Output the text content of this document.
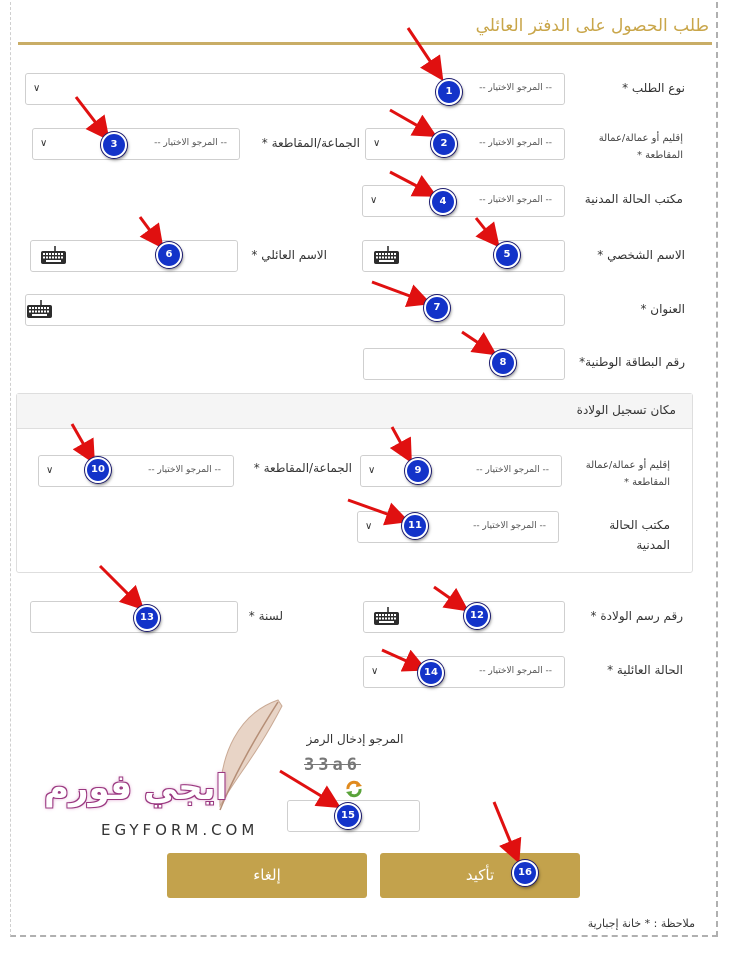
طلب الحصول على الدفتر العائلي
نوع الطلب *
-- المرجو الاختيار --
∨
إقليم أو عمالة/عمالة المقاطعة *
-- المرجو الاختيار --
∨
الجماعة/المقاطعة *
-- المرجو الاختيار --
∨
مكتب الحالة المدنية
-- المرجو الاختيار --
∨
الاسم الشخصي *
الاسم العائلي *
العنوان *
رقم البطاقة الوطنية*
مكان تسجيل الولادة
إقليم أو عمالة/عمالة المقاطعة *
-- المرجو الاختيار --
∨
الجماعة/المقاطعة *
-- المرجو الاختيار --
∨
مكتب الحالة المدنية
-- المرجو الاختيار --
∨
رقم رسم الولادة *
لسنة *
الحالة العائلية *
-- المرجو الاختيار --
∨
المرجو إدخال الرمز
33a6
ايجي فورم
EGYFORM.COM
تأكيد
إلغاء
ملاحظة : * خانة إجبارية
1
2
3
4
5
6
7
8
9
10
11
12
13
14
15
16
